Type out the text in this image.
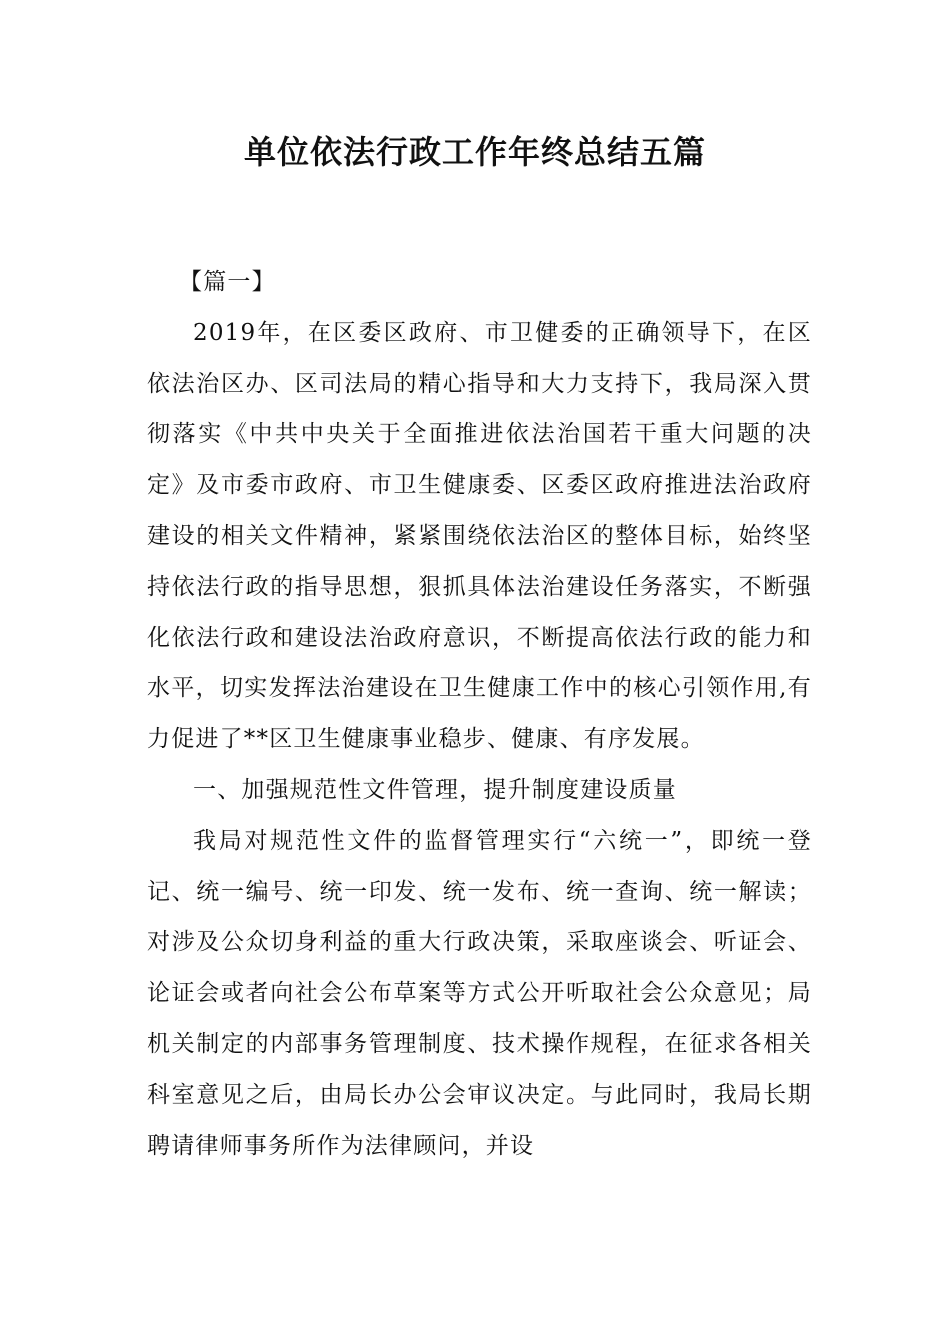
单位依法行政工作年终总结五篇
【篇一】

2019年，在区委区政府、市卫健委的正确领导下，在区依法治区办、区司法局的精心指导和大力支持下，我局深入贯彻落实《中共中央关于全面推进依法治国若干重大问题的决定》及市委市政府、市卫生健康委、区委区政府推进法治政府建设的相关文件精神，紧紧围绕依法治区的整体目标，始终坚持依法行政的指导思想，狠抓具体法治建设任务落实，不断强化依法行政和建设法治政府意识，不断提高依法行政的能力和水平，切实发挥法治建设在卫生健康工作中的核心引领作用,有力促进了**区卫生健康事业稳步、健康、有序发展。

一、加强规范性文件管理，提升制度建设质量

我局对规范性文件的监督管理实行“六统一”，即统一登记、统一编号、统一印发、统一发布、统一查询、统一解读；对涉及公众切身利益的重大行政决策，采取座谈会、听证会、论证会或者向社会公布草案等方式公开听取社会公众意见；局机关制定的内部事务管理制度、技术操作规程，在征求各相关科室意见之后，由局长办公会审议决定。与此同时，我局长期聘请律师事务所作为法律顾问，并设
